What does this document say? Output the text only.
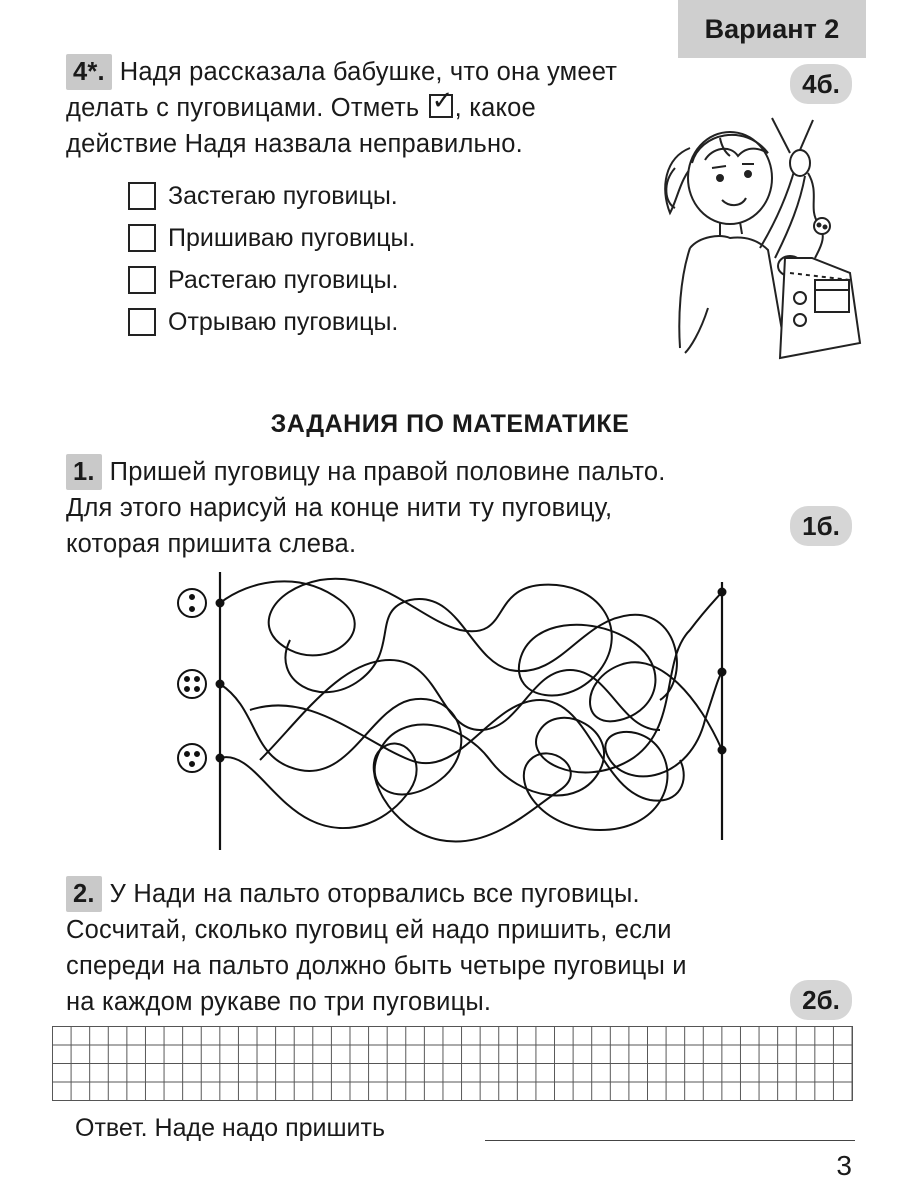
Вариант 2
4*. Надя рассказала бабушке, что она умеет
делать с пуговицами. Отметь ✓ , какое
действие Надя назвала неправильно.
4б.
Застегаю пуговицы.
Пришиваю пуговицы.
Растегаю пуговицы.
Отрываю пуговицы.
ЗАДАНИЯ ПО МАТЕМАТИКЕ
1. Пришей пуговицу на правой половине пальто.
Для этого нарисуй на конце нити ту пуговицу,
которая пришита слева.
1б.
2. У Нади на пальто оторвались все пуговицы.
Сосчитай, сколько пуговиц ей надо пришить, если
спереди на пальто должно быть четыре пуговицы и
на каждом рукаве по три пуговицы.	2б.
Ответ. Наде надо пришить
3
